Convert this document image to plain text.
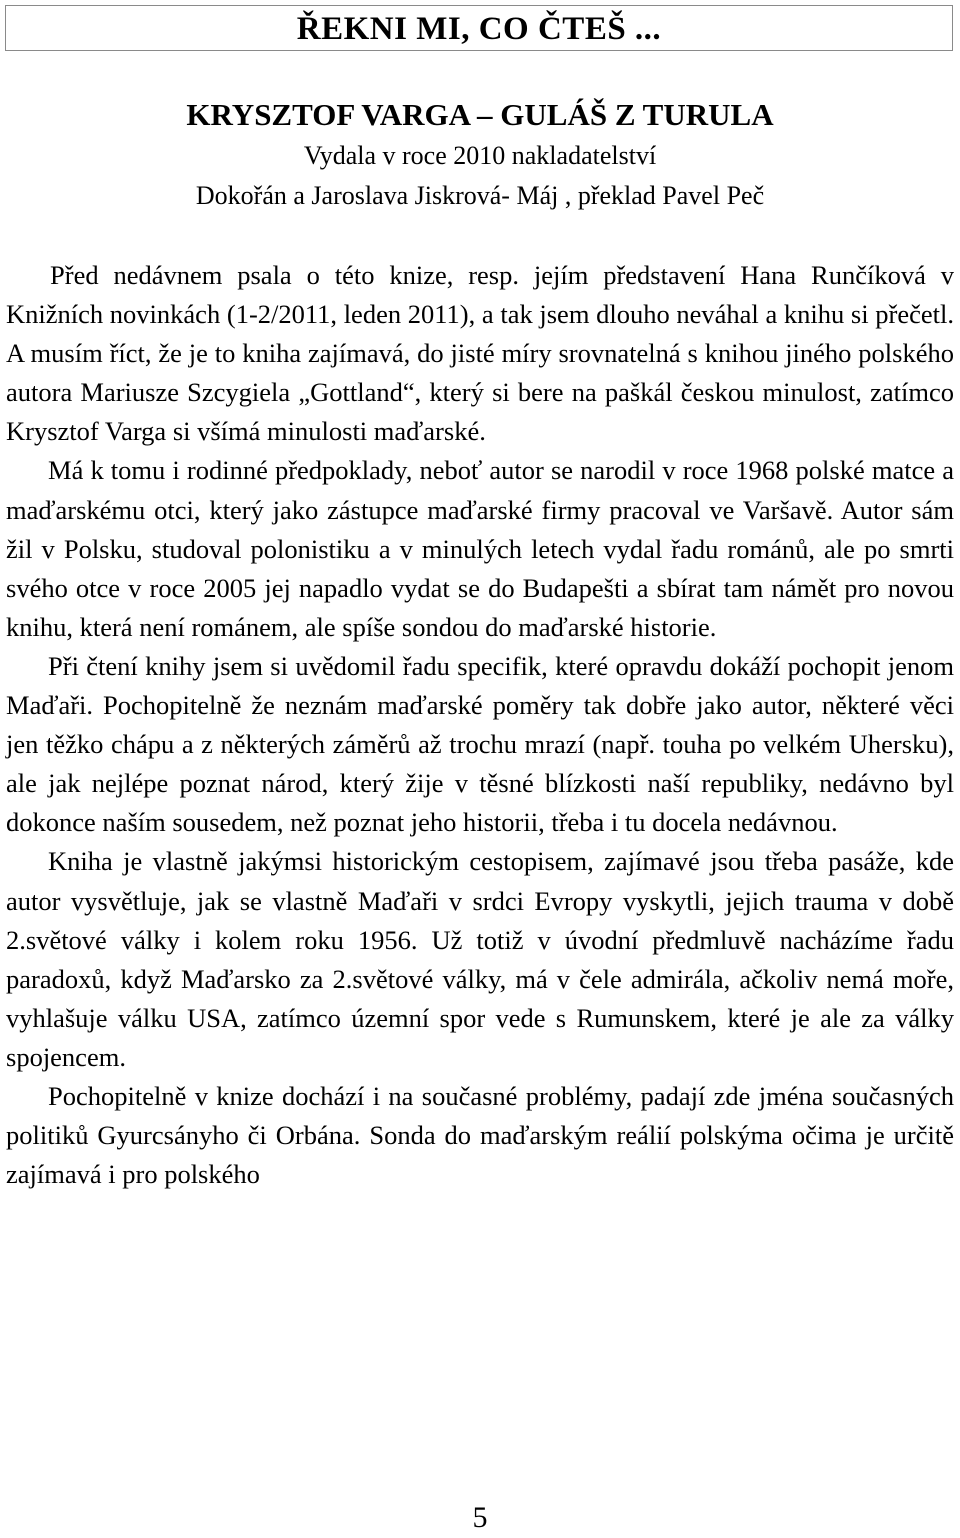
ŘEKNI MI, CO ČTEŠ ...
KRYSZTOF VARGA – GULÁŠ Z TURULA
Vydala v roce 2010 nakladatelství
Dokořán a Jaroslava Jiskrová- Máj , překlad Pavel Peč

Před nedávnem psala o této knize, resp. jejím představení Hana Runčíková v Knižních novinkách (1-2/2011, leden 2011), a tak jsem dlouho neváhal a knihu si přečetl. A musím říct, že je to kniha zajímavá, do jisté míry srovnatelná s knihou jiného polského autora Mariusze Szcygiela „Gottland“, který si bere na paškál českou minulost, zatímco Krysztof Varga si všímá minulosti maďarské.

Má k tomu i rodinné předpoklady, neboť autor se narodil v roce 1968 polské matce a maďarskému otci, který jako zástupce maďarské firmy pracoval ve Varšavě. Autor sám žil v Polsku, studoval polonistiku a v minulých letech vydal řadu románů, ale po smrti svého otce v roce 2005 jej napadlo vydat se do Budapešti a sbírat tam námět pro novou knihu, která není románem, ale spíše sondou do maďarské historie.

Při čtení knihy jsem si uvědomil řadu specifik, které opravdu dokáží pochopit jenom Maďaři. Pochopitelně že neznám maďarské poměry tak dobře jako autor, některé věci jen těžko chápu a z některých záměrů až trochu mrazí (např. touha po velkém Uhersku), ale jak nejlépe poznat národ, který žije v těsné blízkosti naší republiky, nedávno byl dokonce naším sousedem, než poznat jeho historii, třeba i tu docela nedávnou.

Kniha je vlastně jakýmsi historickým cestopisem, zajímavé jsou třeba pasáže, kde autor vysvětluje, jak se vlastně Maďaři v srdci Evropy vyskytli, jejich trauma v době 2.světové války i kolem roku 1956. Už totiž v úvodní předmluvě nacházíme řadu paradoxů, když Maďarsko za 2.světové války, má v čele admirála, ačkoliv nemá moře, vyhlašuje válku USA, zatímco územní spor vede s Rumunskem, které je ale za války spojencem.

Pochopitelně v knize dochází i na současné problémy, padají zde jména současných politiků Gyurcsányho či Orbána. Sonda do maďarským reálií polskýma očima je určitě zajímavá i pro polského

5
